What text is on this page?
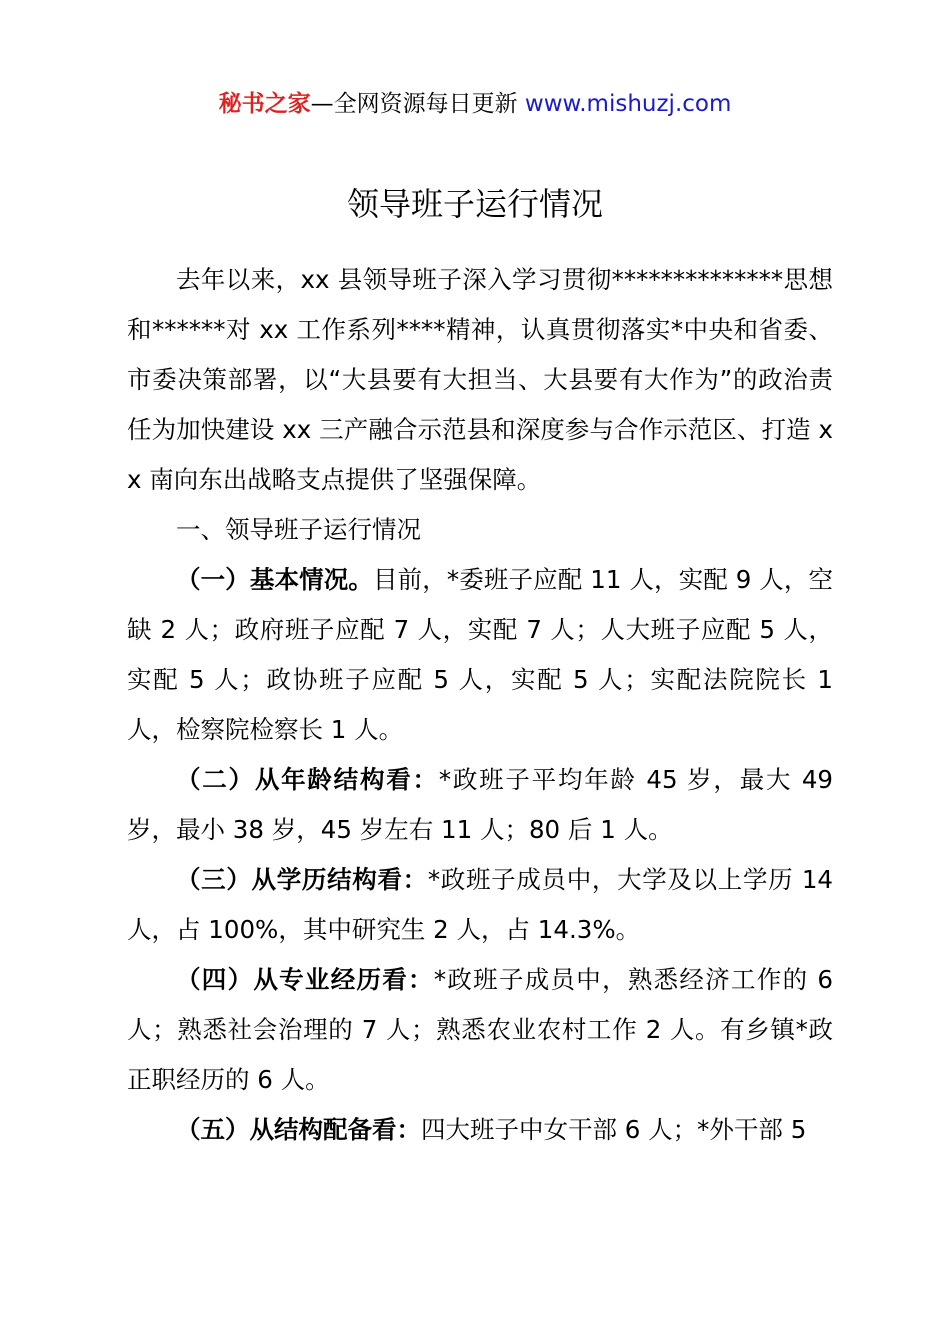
秘书之家—全网资源每日更新 www.mishuzj.com
领导班子运行情况

去年以来，xx 县领导班子深入学习贯彻**************思想和******对 xx 工作系列****精神，认真贯彻落实*中央和省委、市委决策部署，以“大县要有大担当、大县要有大作为”的政治责任为加快建设 xx 三产融合示范县和深度参与合作示范区、打造 xx 南向东出战略支点提供了坚强保障。

一、领导班子运行情况

（一）基本情况。目前，*委班子应配 11 人，实配 9 人，空缺 2 人；政府班子应配 7 人，实配 7 人；人大班子应配 5 人，实配 5 人；政协班子应配 5 人，实配 5 人；实配法院院长 1 人，检察院检察长 1 人。

（二）从年龄结构看：*政班子平均年龄 45 岁，最大 49 岁，最小 38 岁，45 岁左右 11 人；80 后 1 人。

（三）从学历结构看：*政班子成员中，大学及以上学历 14 人，占 100%，其中研究生 2 人，占 14.3%。

（四）从专业经历看：*政班子成员中，熟悉经济工作的 6 人；熟悉社会治理的 7 人；熟悉农业农村工作 2 人。有乡镇*政正职经历的 6 人。

（五）从结构配备看：四大班子中女干部 6 人；*外干部 5
